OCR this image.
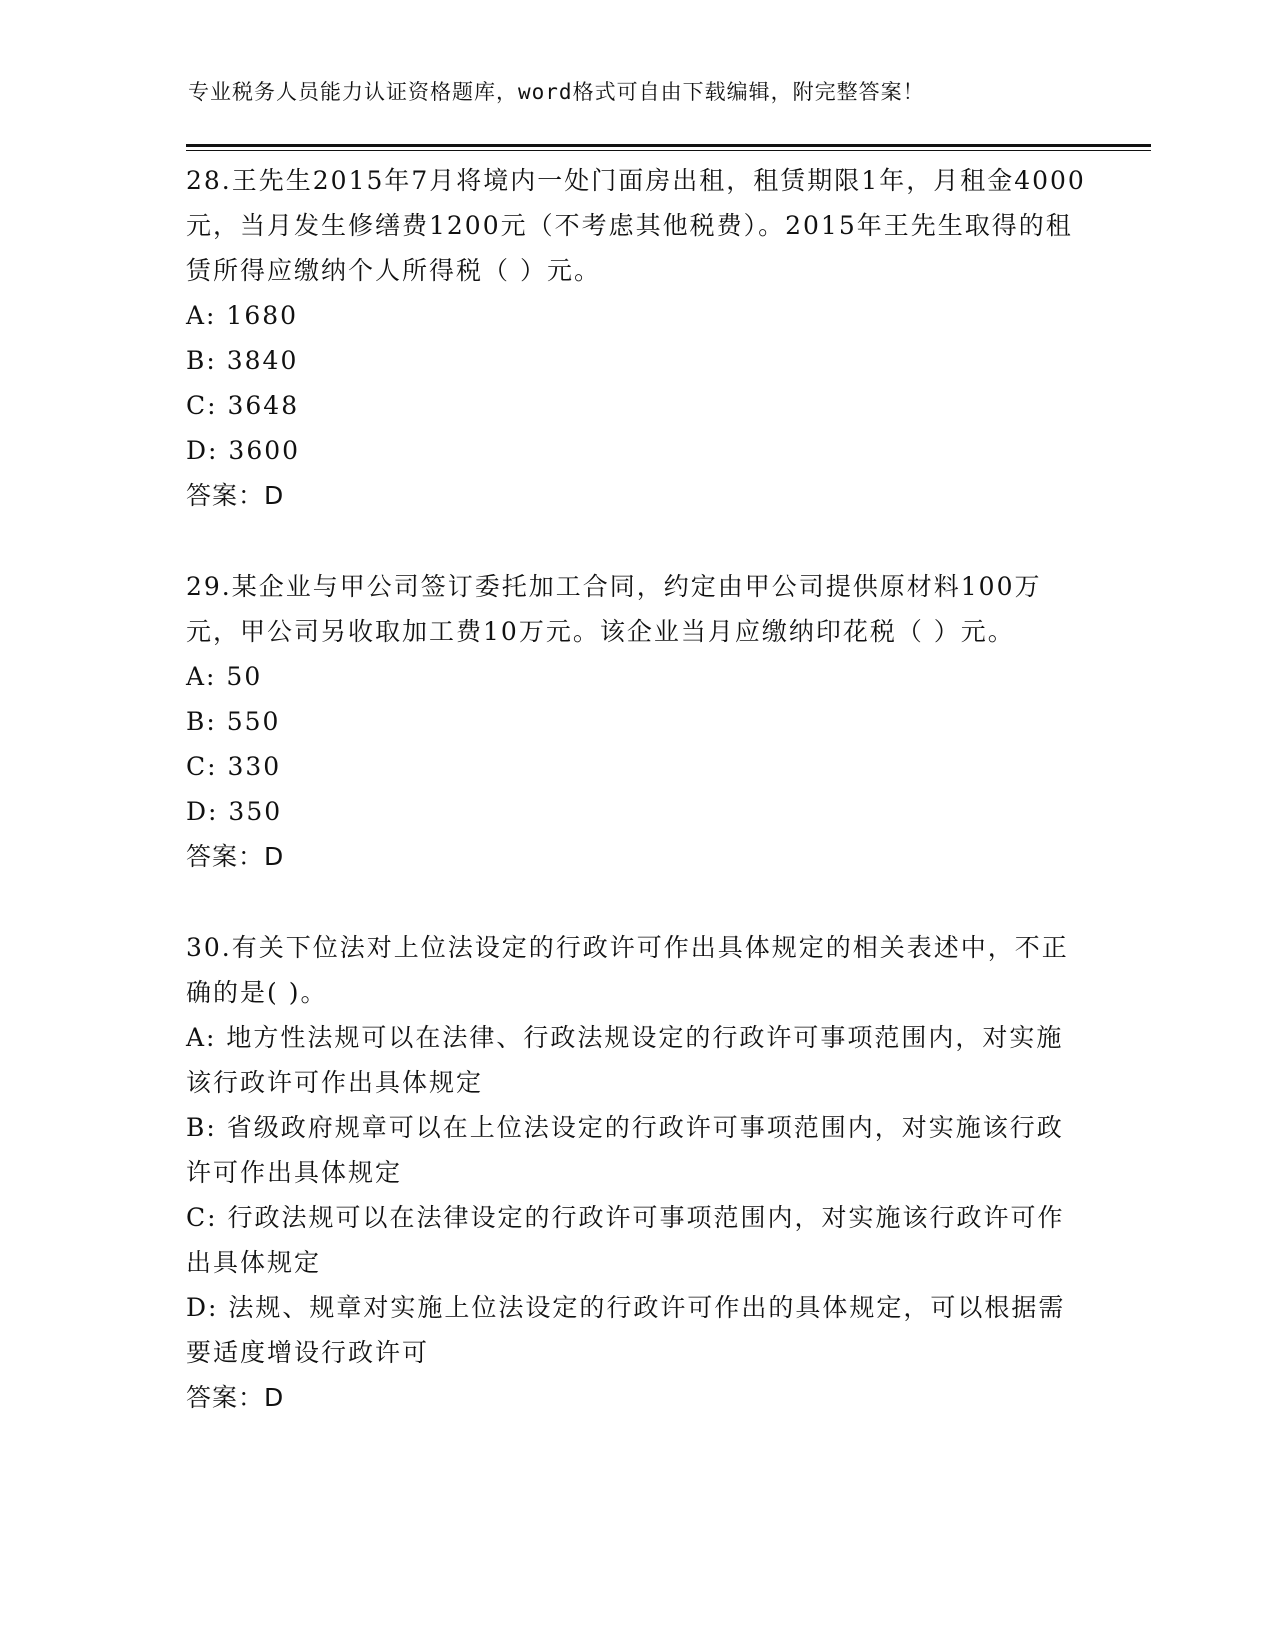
专业税务人员能力认证资格题库，word格式可自由下载编辑，附完整答案！
28.王先生2015年7月将境内一处门面房出租，租赁期限1年，月租金4000元，当月发生修缮费1200元（不考虑其他税费）。2015年王先生取得的租赁所得应缴纳个人所得税（ ）元。
A: 1680
B: 3840
C: 3648
D: 3600
答案：D
29.某企业与甲公司签订委托加工合同，约定由甲公司提供原材料100万元，甲公司另收取加工费10万元。该企业当月应缴纳印花税（ ）元。
A: 50
B: 550
C: 330
D: 350
答案：D
30.有关下位法对上位法设定的行政许可作出具体规定的相关表述中，不正确的是( )。
A: 地方性法规可以在法律、行政法规设定的行政许可事项范围内，对实施该行政许可作出具体规定
B: 省级政府规章可以在上位法设定的行政许可事项范围内，对实施该行政许可作出具体规定
C: 行政法规可以在法律设定的行政许可事项范围内，对实施该行政许可作出具体规定
D: 法规、规章对实施上位法设定的行政许可作出的具体规定，可以根据需要适度增设行政许可
答案：D
